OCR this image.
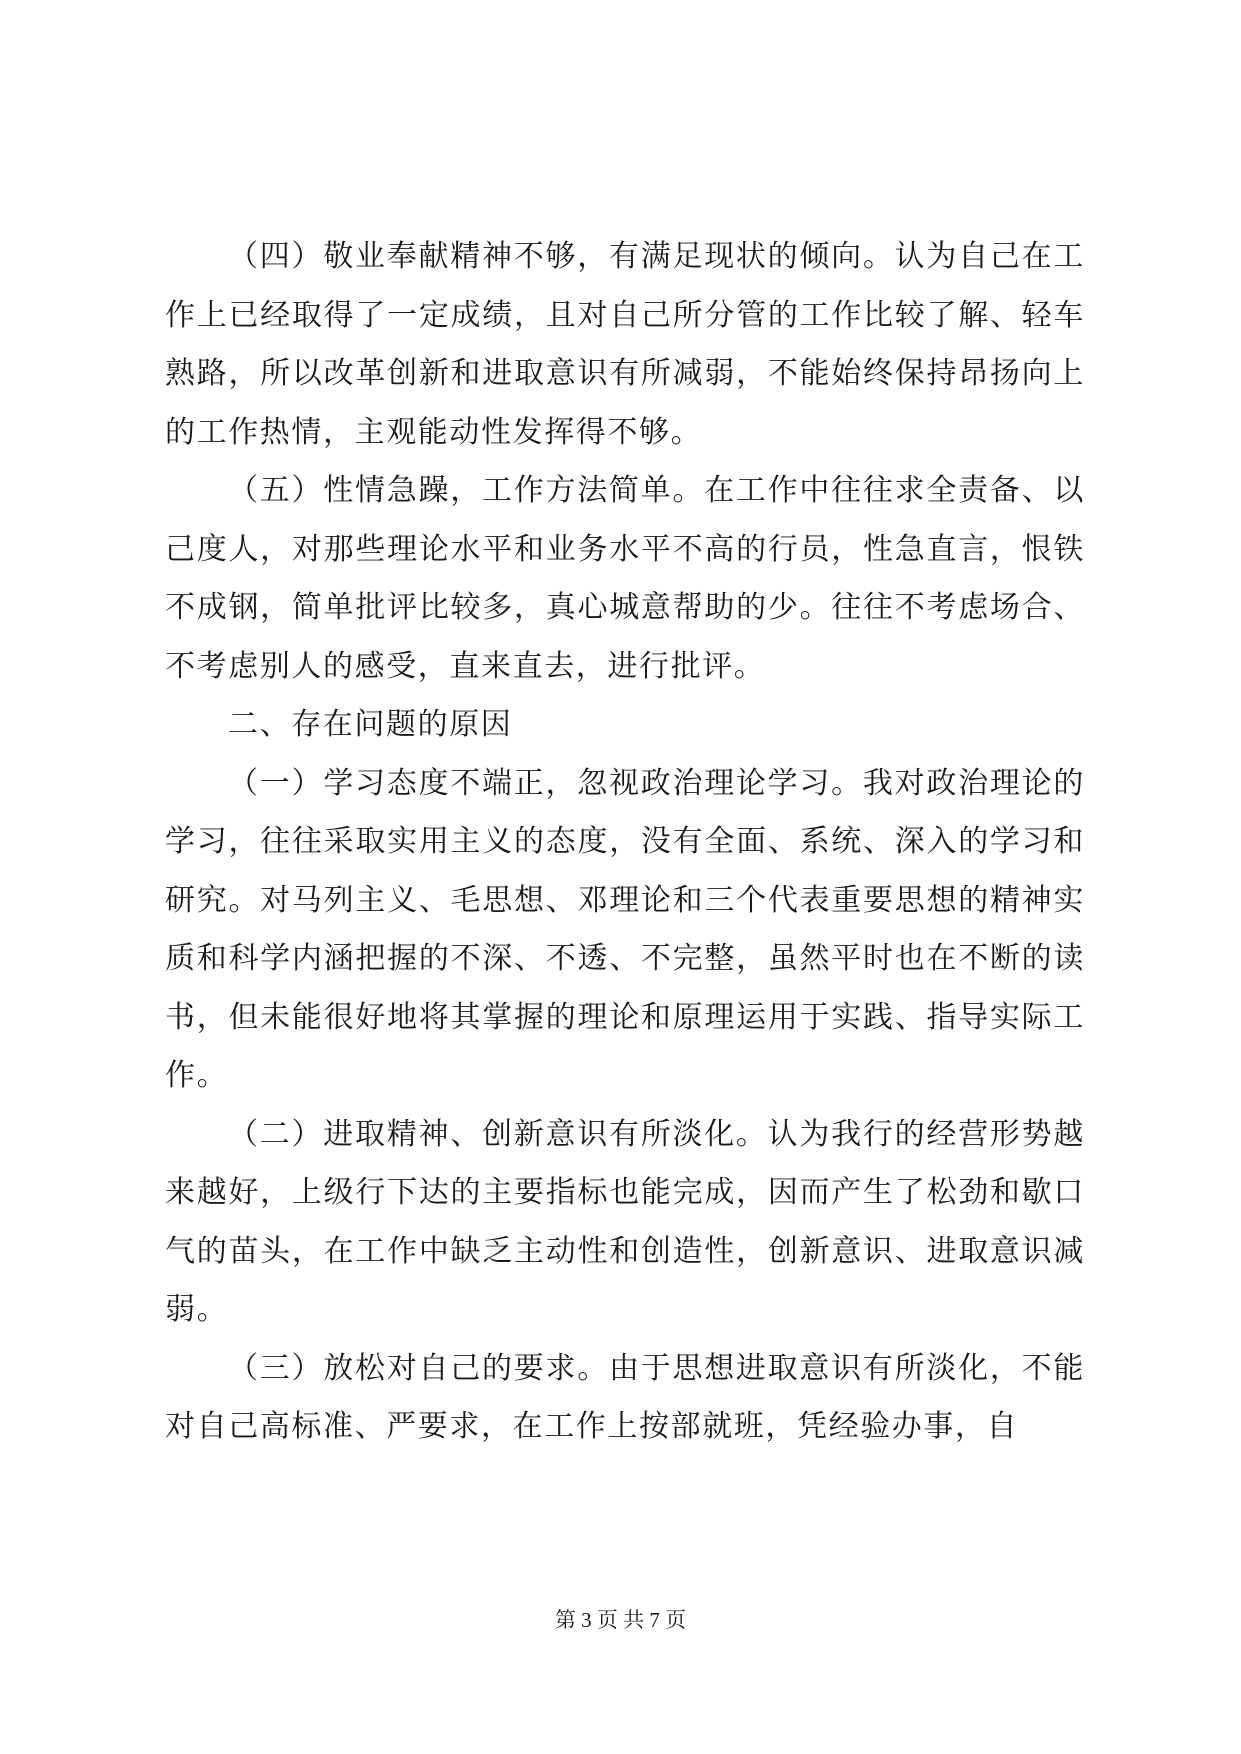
（四）敬业奉献精神不够，有满足现状的倾向。认为自己在工作上已经取得了一定成绩，且对自己所分管的工作比较了解、轻车熟路，所以改革创新和进取意识有所减弱，不能始终保持昂扬向上的工作热情，主观能动性发挥得不够。

（五）性情急躁，工作方法简单。在工作中往往求全责备、以己度人，对那些理论水平和业务水平不高的行员，性急直言，恨铁不成钢，简单批评比较多，真心城意帮助的少。往往不考虑场合、不考虑别人的感受，直来直去，进行批评。

二、存在问题的原因

（一）学习态度不端正，忽视政治理论学习。我对政治理论的学习，往往采取实用主义的态度，没有全面、系统、深入的学习和研究。对马列主义、毛思想、邓理论和三个代表重要思想的精神实质和科学内涵把握的不深、不透、不完整，虽然平时也在不断的读书，但未能很好地将其掌握的理论和原理运用于实践、指导实际工作。

（二）进取精神、创新意识有所淡化。认为我行的经营形势越来越好，上级行下达的主要指标也能完成，因而产生了松劲和歇口气的苗头，在工作中缺乏主动性和创造性，创新意识、进取意识减弱。

（三）放松对自己的要求。由于思想进取意识有所淡化，不能对自己高标准、严要求，在工作上按部就班，凭经验办事，自

第 3 页 共 7 页
